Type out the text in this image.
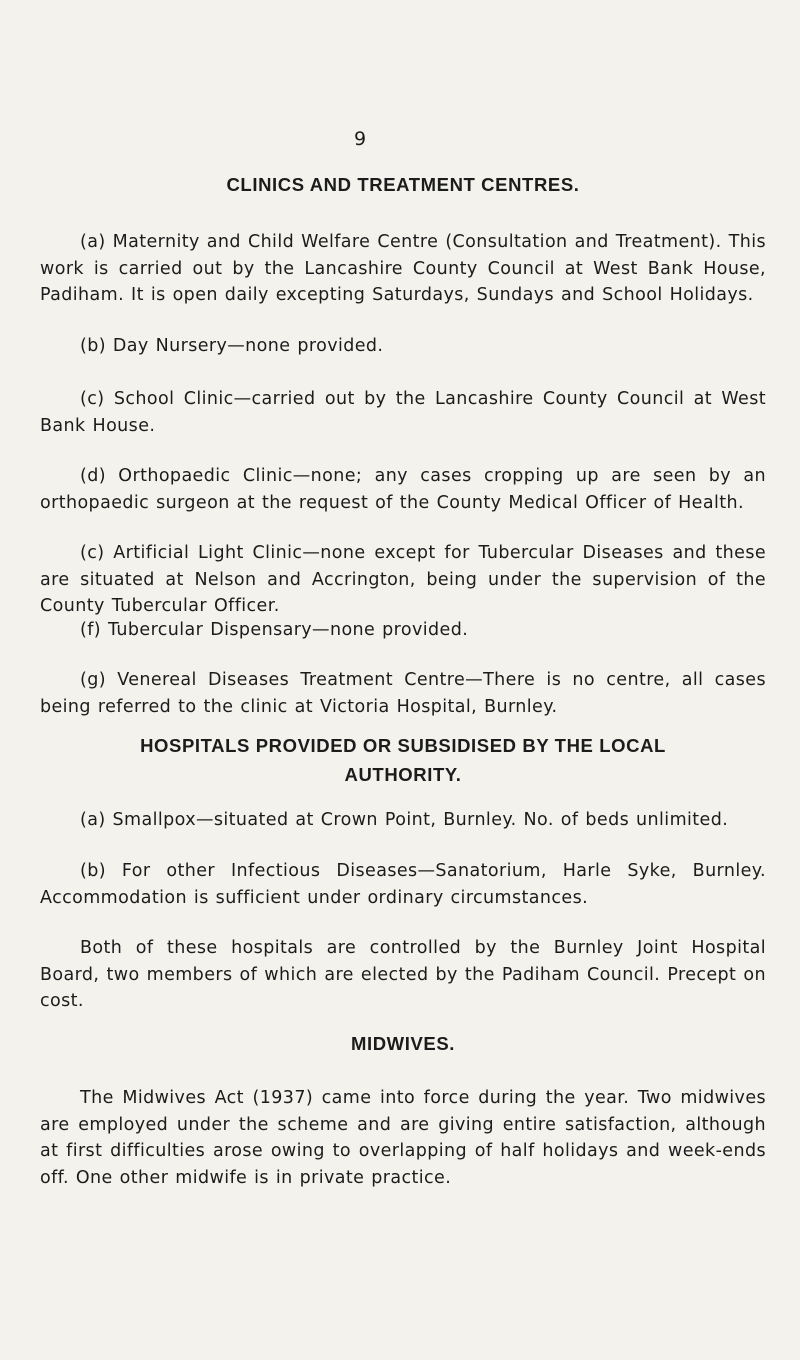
9
CLINICS AND TREATMENT CENTRES.

(a) Maternity and Child Welfare Centre (Consultation and Treatment). This work is carried out by the Lancashire County Council at West Bank House, Padiham. It is open daily excepting Saturdays, Sundays and School Holidays.

(b) Day Nursery—none provided.

(c) School Clinic—carried out by the Lancashire County Council at West Bank House.

(d) Orthopaedic Clinic—none; any cases cropping up are seen by an orthopaedic surgeon at the request of the County Medical Officer of Health.

(c) Artificial Light Clinic—none except for Tubercular Diseases and these are situated at Nelson and Accrington, being under the supervision of the County Tubercular Officer.

(f) Tubercular Dispensary—none provided.

(g) Venereal Diseases Treatment Centre—There is no centre, all cases being referred to the clinic at Victoria Hospital, Burnley.

HOSPITALS PROVIDED OR SUBSIDISED BY THE LOCAL
AUTHORITY.

(a) Smallpox—situated at Crown Point, Burnley. No. of beds unlimited.

(b) For other Infectious Diseases—Sanatorium, Harle Syke, Burnley. Accommodation is sufficient under ordinary circumstances.

Both of these hospitals are controlled by the Burnley Joint Hospital Board, two members of which are elected by the Padiham Council. Precept on cost.

MIDWIVES.

The Midwives Act (1937) came into force during the year. Two midwives are employed under the scheme and are giving entire satisfaction, although at first difficulties arose owing to overlapping of half holidays and week-ends off. One other midwife is in private practice.
